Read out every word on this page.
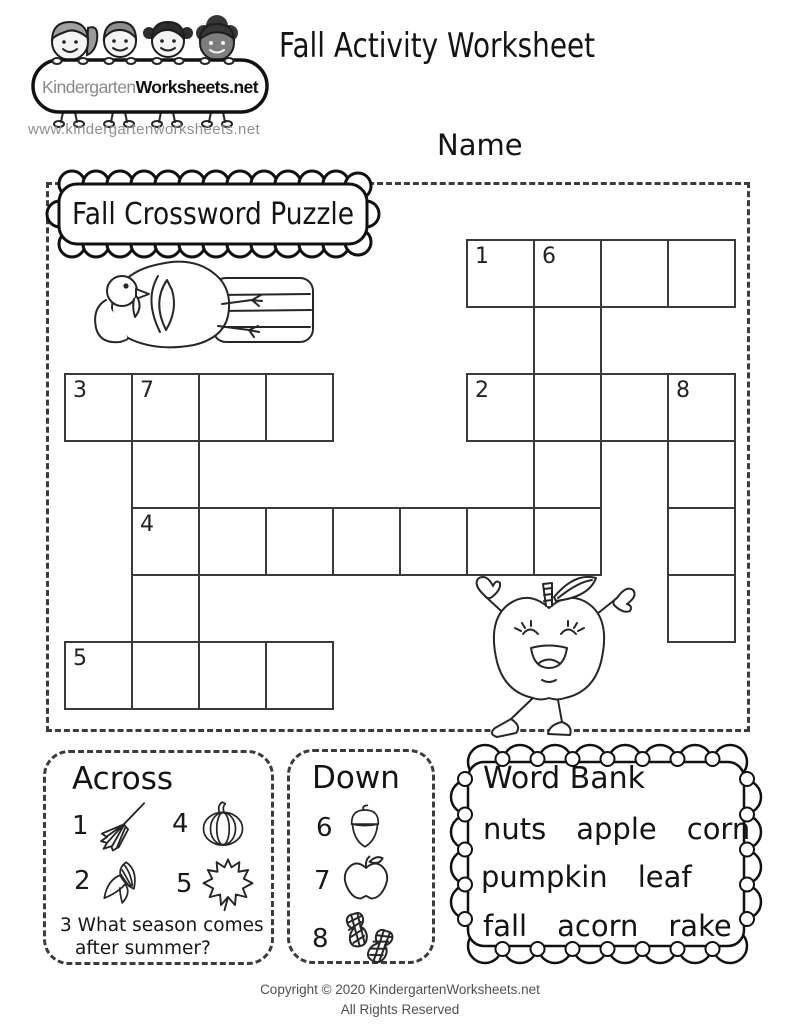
KindergartenWorksheets.net
www.kindergartenworksheets.net
Fall Activity Worksheet
Name
Fall Crossword Puzzle
1	6
3	7	2	8
4
5
Across
1	4
2	5
3 What season comes
after summer?
Down
6
7
8
Word Bank
nuts apple corn
pumpkin leaf
fall acorn rake
Copyright © 2020 KindergartenWorksheets.net
All Rights Reserved
